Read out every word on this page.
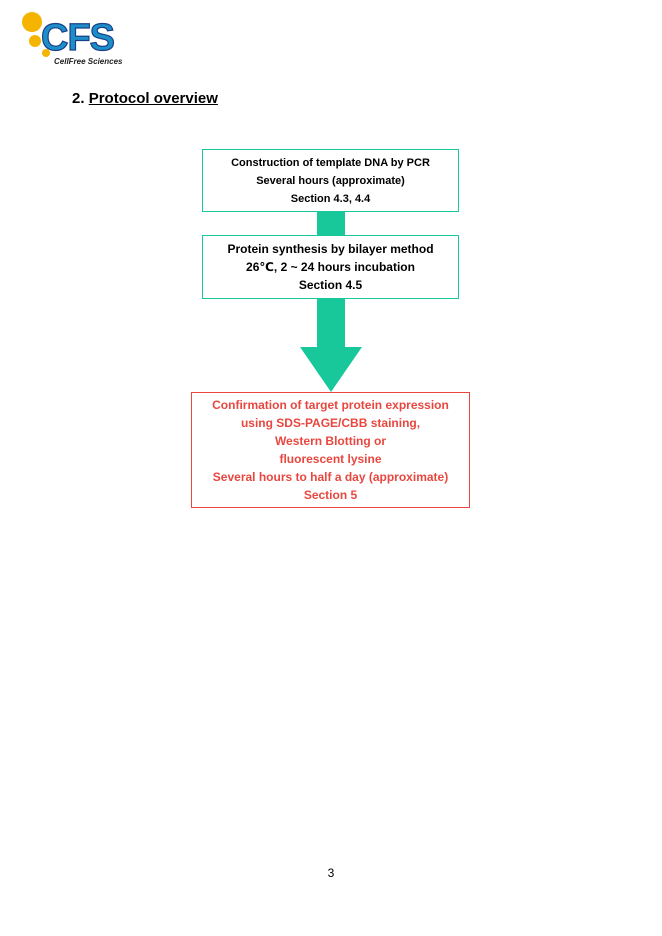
CFS
CellFree Sciences
2. Protocol overview
Construction of template DNA by PCR
Several hours (approximate)
Section 4.3, 4.4
Protein synthesis by bilayer method
26℃, 2 ~ 24 hours incubation
Section 4.5
Confirmation of target protein expression
using SDS-PAGE/CBB staining,
Western Blotting or
fluorescent lysine
Several hours to half a day (approximate)
Section 5
3
